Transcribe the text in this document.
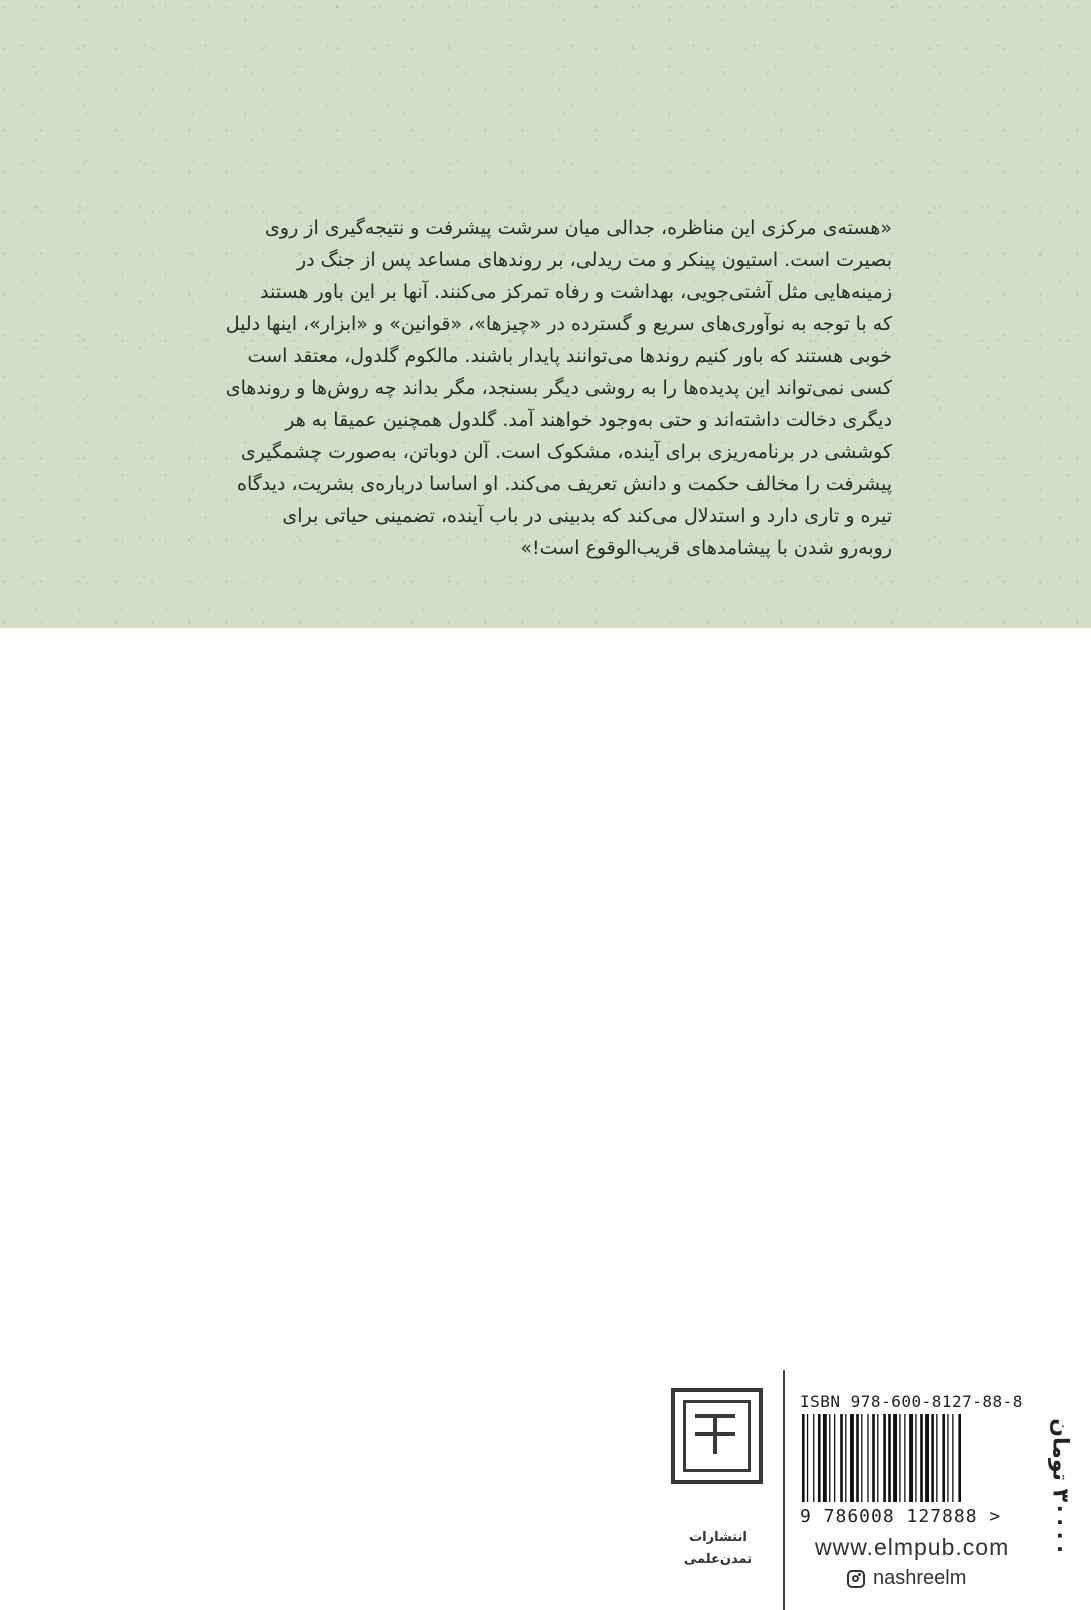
«هسته‌ی مرکزی این مناظره، جدالی میان سرشت پیشرفت و نتیجه‌گیری از روی

بصیرت است. استیون پینکر و مت ریدلی، بر روندهای مساعد پس از جنگ در

زمینه‌هایی مثل آشتی‌جویی، بهداشت و رفاه تمرکز می‌کنند. آنها بر این باور هستند

که با توجه به نوآوری‌های سریع و گسترده در «چیزها»، «قوانین» و «ابزار»، اینها دلیل

خوبی هستند که باور کنیم روندها می‌توانند پایدار باشند. مالکوم گلدول، معتقد است

کسی نمی‌تواند این پدیده‌ها را به روشی دیگر بسنجد، مگر بداند چه روش‌ها و روندهای

دیگری دخالت داشته‌اند و حتی به‌وجود خواهند آمد. گلدول همچنین عمیقا به هر

کوششی در برنامه‌ریزی برای آینده، مشکوک است. آلن دوباتن، به‌صورت چشمگیری

پیشرفت را مخالف حکمت و دانش تعریف می‌کند. او اساسا درباره‌ی بشریت، دیدگاه

تیره و تاری دارد و استدلال می‌کند که بدبینی در باب آینده، تضمینی حیاتی برای

روبه‌رو شدن با پیشامدهای قریب‌الوقوع است!»

انتشارات
تمدن‌علمی
ISBN 978-600-8127-88-8
9 786008 127888 >
www.elmpub.com
nashreelm
۳۰۰۰۰ تومان
